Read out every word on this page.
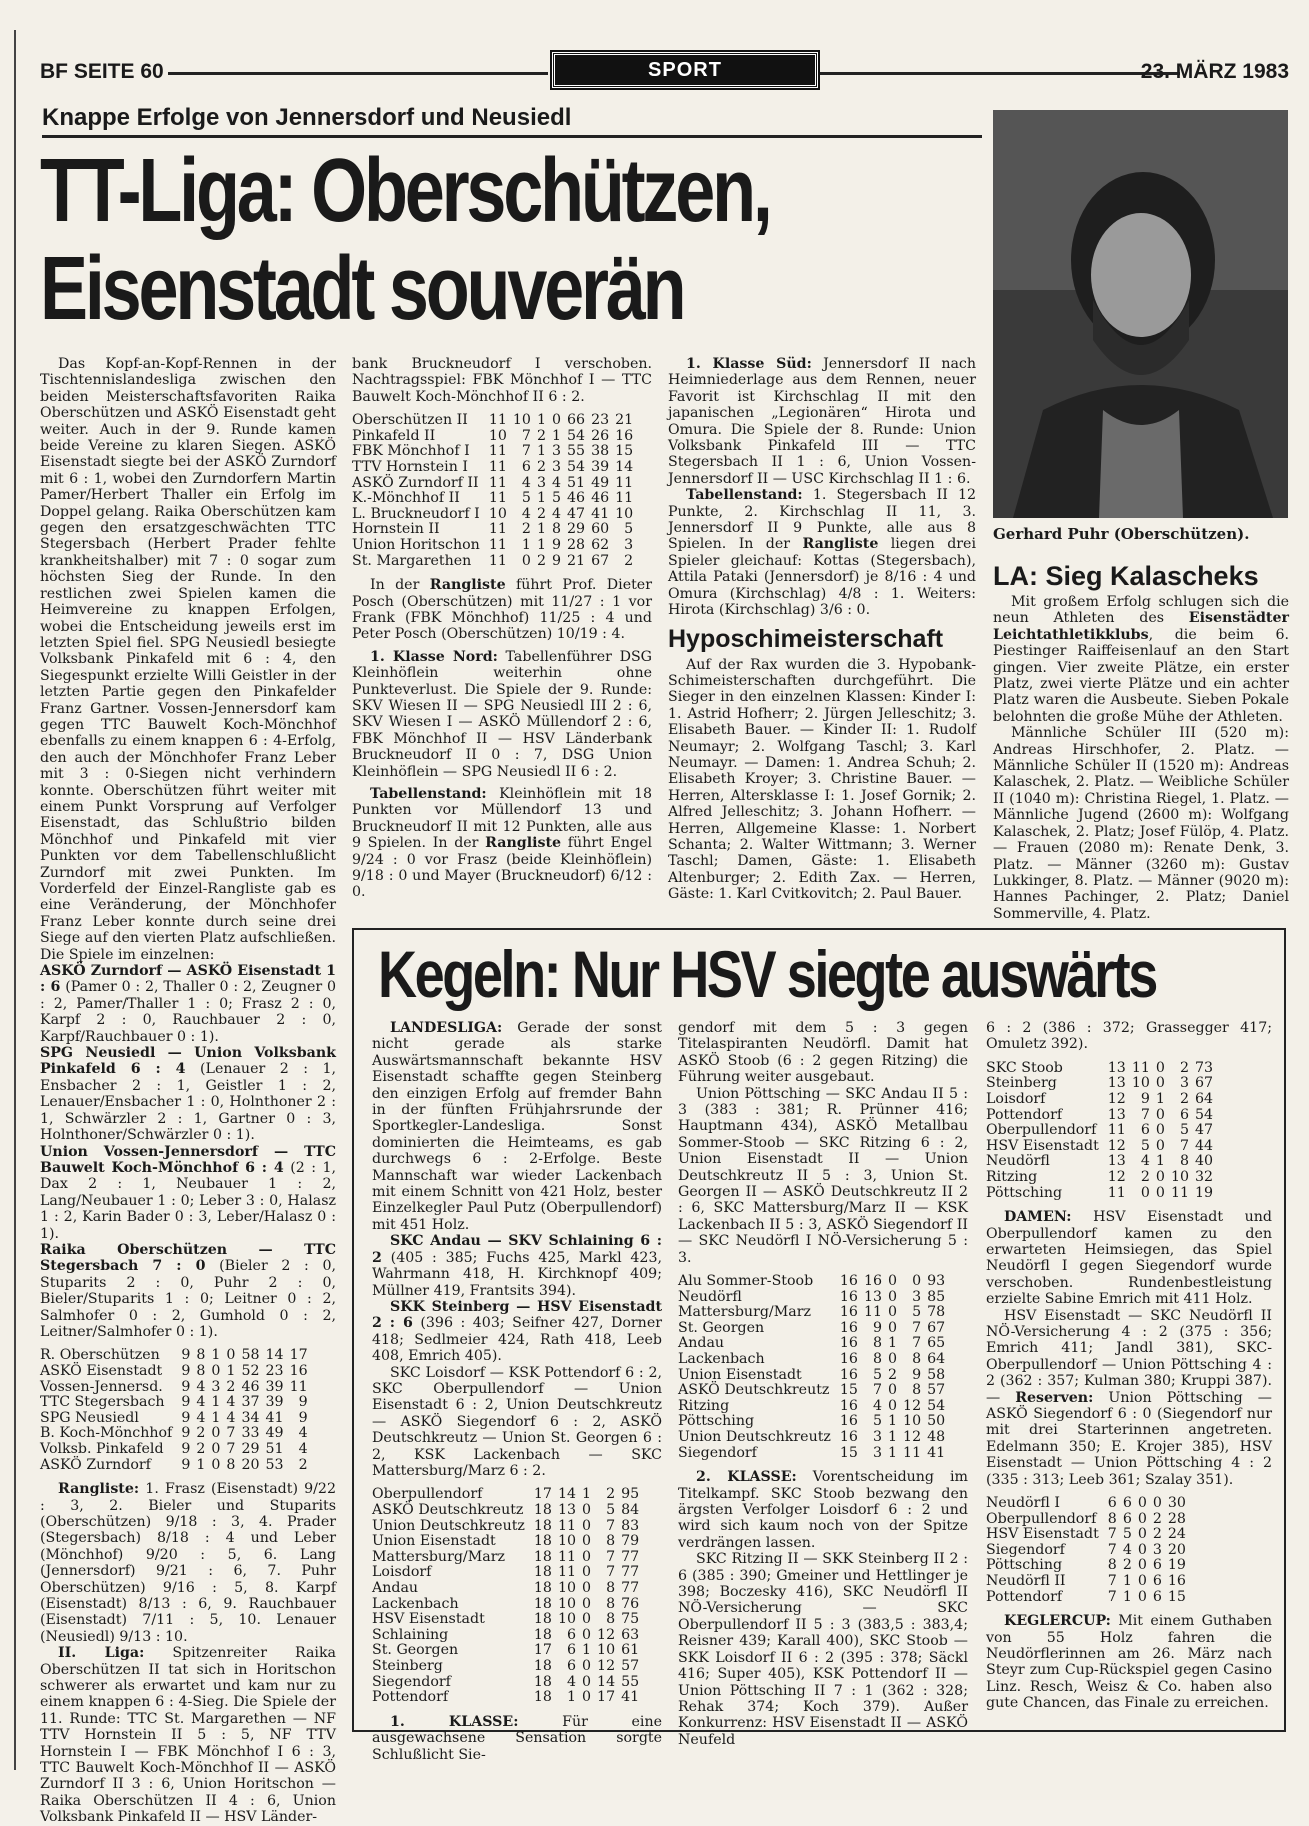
BF SEITE 60	SPORT	23. MÄRZ 1983
Knappe Erfolge von Jennersdorf und Neusiedl
TT-Liga: Oberschützen,
Eisenstadt souverän

Das Kopf-an-Kopf-Rennen in der Tischtennislandesliga zwischen den beiden Meisterschaftsfavoriten Raika Oberschützen und ASKÖ Eisenstadt geht weiter. Auch in der 9. Runde kamen beide Vereine zu klaren Siegen. ASKÖ Eisenstadt siegte bei der ASKÖ Zurndorf mit 6 : 1, wobei den Zurndorfern Martin Pamer/Herbert Thaller ein Erfolg im Doppel gelang. Raika Oberschützen kam gegen den ersatzgeschwächten TTC Stegersbach (Herbert Prader fehlte krankheitshalber) mit 7 : 0 sogar zum höchsten Sieg der Runde. In den restlichen zwei Spielen kamen die Heimvereine zu knappen Erfolgen, wobei die Entscheidung jeweils erst im letzten Spiel fiel. SPG Neusiedl besiegte Volksbank Pinkafeld mit 6 : 4, den Siegespunkt erzielte Willi Geistler in der letzten Partie gegen den Pinkafelder Franz Gartner. Vossen-Jennersdorf kam gegen TTC Bauwelt Koch-Mönchhof ebenfalls zu einem knappen 6 : 4-Erfolg, den auch der Mönchhofer Franz Leber mit 3 : 0-Siegen nicht verhindern konnte. Oberschützen führt weiter mit einem Punkt Vorsprung auf Verfolger Eisenstadt, das Schlußtrio bilden Mönchhof und Pinkafeld mit vier Punkten vor dem Tabellenschlußlicht Zurndorf mit zwei Punkten. Im Vorderfeld der Einzel-Rangliste gab es eine Veränderung, der Mönchhofer Franz Leber konnte durch seine drei Siege auf den vierten Platz aufschließen. Die Spiele im einzelnen:

ASKÖ Zurndorf — ASKÖ Eisenstadt 1 : 6 (Pamer 0 : 2, Thaller 0 : 2, Zeugner 0 : 2, Pamer/Thaller 1 : 0; Frasz 2 : 0, Karpf 2 : 0, Rauchbauer 2 : 0, Karpf/Rauchbauer 0 : 1).

SPG Neusiedl — Union Volksbank Pinkafeld 6 : 4 (Lenauer 2 : 1, Ensbacher 2 : 1, Geistler 1 : 2, Lenauer/Ensbacher 1 : 0, Holnthoner 2 : 1, Schwärzler 2 : 1, Gartner 0 : 3, Holnthoner/Schwärzler 0 : 1).

Union Vossen-Jennersdorf — TTC Bauwelt Koch-Mönchhof 6 : 4 (2 : 1, Dax 2 : 1, Neubauer 1 : 2, Lang/Neubauer 1 : 0; Leber 3 : 0, Halasz 1 : 2, Karin Bader 0 : 3, Leber/Halasz 0 : 1).

Raika Oberschützen — TTC Stegersbach 7 : 0 (Bieler 2 : 0, Stuparits 2 : 0, Puhr 2 : 0, Bieler/Stuparits 1 : 0; Leitner 0 : 2, Salmhofer 0 : 2, Gumhold 0 : 2, Leitner/Salmhofer 0 : 1).

R. Oberschützen	9	8	1	0	58	14	17
ASKÖ Eisenstadt	9	8	0	1	52	23	16
Vossen-Jennersd.	9	4	3	2	46	39	11
TTC Stegersbach	9	4	1	4	37	39	9
SPG Neusiedl	9	4	1	4	34	41	9
B. Koch-Mönchhof	9	2	0	7	33	49	4
Volksb. Pinkafeld	9	2	0	7	29	51	4
ASKÖ Zurndorf	9	1	0	8	20	53	2

Rangliste: 1. Frasz (Eisenstadt) 9/22 : 3, 2. Bieler und Stuparits (Oberschützen) 9/18 : 3, 4. Prader (Stegersbach) 8/18 : 4 und Leber (Mönchhof) 9/20 : 5, 6. Lang (Jennersdorf) 9/21 : 6, 7. Puhr Oberschützen) 9/16 : 5, 8. Karpf (Eisenstadt) 8/13 : 6, 9. Rauchbauer (Eisenstadt) 7/11 : 5, 10. Lenauer (Neusiedl) 9/13 : 10.

II. Liga: Spitzenreiter Raika Oberschützen II tat sich in Horitschon schwerer als erwartet und kam nur zu einem knappen 6 : 4-Sieg. Die Spiele der 11. Runde: TTC St. Margarethen — NF TTV Hornstein II 5 : 5, NF TTV Hornstein I — FBK Mönchhof I 6 : 3, TTC Bauwelt Koch-Mönchhof II — ASKÖ Zurndorf II 3 : 6, Union Horitschon — Raika Oberschützen II 4 : 6, Union Volksbank Pinkafeld II — HSV Länder-

bank Bruckneudorf I verschoben. Nachtragsspiel: FBK Mönchhof I — TTC Bauwelt Koch-Mönchhof II 6 : 2.

Oberschützen II	11	10	1	0	66	23	21
Pinkafeld II	10	7	2	1	54	26	16
FBK Mönchhof I	11	7	1	3	55	38	15
TTV Hornstein I	11	6	2	3	54	39	14
ASKÖ Zurndorf II	11	4	3	4	51	49	11
K.-Mönchhof II	11	5	1	5	46	46	11
L. Bruckneudorf I	10	4	2	4	47	41	10
Hornstein II	11	2	1	8	29	60	5
Union Horitschon	11	1	1	9	28	62	3
St. Margarethen	11	0	2	9	21	67	2

In der Rangliste führt Prof. Dieter Posch (Oberschützen) mit 11/27 : 1 vor Frank (FBK Mönchhof) 11/25 : 4 und Peter Posch (Oberschützen) 10/19 : 4.

1. Klasse Nord: Tabellenführer DSG Kleinhöflein weiterhin ohne Punkteverlust. Die Spiele der 9. Runde: SKV Wiesen II — SPG Neusiedl III 2 : 6, SKV Wiesen I — ASKÖ Müllendorf 2 : 6, FBK Mönchhof II — HSV Länderbank Bruckneudorf II 0 : 7, DSG Union Kleinhöflein — SPG Neusiedl II 6 : 2.

Tabellenstand: Kleinhöflein mit 18 Punkten vor Müllendorf 13 und Bruckneudorf II mit 12 Punkten, alle aus 9 Spielen. In der Rangliste führt Engel 9/24 : 0 vor Frasz (beide Kleinhöflein) 9/18 : 0 und Mayer (Bruckneudorf) 6/12 : 0.

1. Klasse Süd: Jennersdorf II nach Heimniederlage aus dem Rennen, neuer Favorit ist Kirchschlag II mit den japanischen „Legionären“ Hirota und Omura. Die Spiele der 8. Runde: Union Volksbank Pinkafeld III — TTC Stegersbach II 1 : 6, Union Vossen-Jennersdorf II — USC Kirchschlag II 1 : 6.

Tabellenstand: 1. Stegersbach II 12 Punkte, 2. Kirchschlag II 11, 3. Jennersdorf II 9 Punkte, alle aus 8 Spielen. In der Rangliste liegen drei Spieler gleichauf: Kottas (Stegersbach), Attila Pataki (Jennersdorf) je 8/16 : 4 und Omura (Kirchschlag) 4/8 : 1. Weiters: Hirota (Kirchschlag) 3/6 : 0.

Hyposchimeisterschaft

Auf der Rax wurden die 3. Hypobank-Schimeisterschaften durchgeführt. Die Sieger in den einzelnen Klassen: Kinder I: 1. Astrid Hofherr; 2. Jürgen Jelleschitz; 3. Elisabeth Bauer. — Kinder II: 1. Rudolf Neumayr; 2. Wolfgang Taschl; 3. Karl Neumayr. — Damen: 1. Andrea Schuh; 2. Elisabeth Kroyer; 3. Christine Bauer. — Herren, Altersklasse I: 1. Josef Gornik; 2. Alfred Jelleschitz; 3. Johann Hofherr. — Herren, Allgemeine Klasse: 1. Norbert Schanta; 2. Walter Wittmann; 3. Werner Taschl; Damen, Gäste: 1. Elisabeth Altenburger; 2. Edith Zax. — Herren, Gäste: 1. Karl Cvitkovitch; 2. Paul Bauer.

Gerhard Puhr (Oberschützen).
LA: Sieg Kalascheks

Mit großem Erfolg schlugen sich die neun Athleten des Eisenstädter Leichtathletikklubs, die beim 6. Piestinger Raiffeisenlauf an den Start gingen. Vier zweite Plätze, ein erster Platz, zwei vierte Plätze und ein achter Platz waren die Ausbeute. Sieben Pokale belohnten die große Mühe der Athleten.

Männliche Schüler III (520 m): Andreas Hirschhofer, 2. Platz. — Männliche Schüler II (1520 m): Andreas Kalaschek, 2. Platz. — Weibliche Schüler II (1040 m): Christina Riegel, 1. Platz. — Männliche Jugend (2600 m): Wolfgang Kalaschek, 2. Platz; Josef Fülöp, 4. Platz. — Frauen (2080 m): Renate Denk, 3. Platz. — Männer (3260 m): Gustav Lukkinger, 8. Platz. — Männer (9020 m): Hannes Pachinger, 2. Platz; Daniel Sommerville, 4. Platz.

Kegeln: Nur HSV siegte auswärts

LANDESLIGA: Gerade der sonst nicht gerade als starke Auswärtsmannschaft bekannte HSV Eisenstadt schaffte gegen Steinberg den einzigen Erfolg auf fremder Bahn in der fünften Frühjahrsrunde der Sportkegler-Landesliga. Sonst dominierten die Heimteams, es gab durchwegs 6 : 2-Erfolge. Beste Mannschaft war wieder Lackenbach mit einem Schnitt von 421 Holz, bester Einzelkegler Paul Putz (Oberpullendorf) mit 451 Holz.

SKC Andau — SKV Schlaining 6 : 2 (405 : 385; Fuchs 425, Markl 423, Wahrmann 418, H. Kirchknopf 409; Müllner 419, Frantsits 394).

SKK Steinberg — HSV Eisenstadt 2 : 6 (396 : 403; Seifner 427, Dorner 418; Sedlmeier 424, Rath 418, Leeb 408, Emrich 405).

SKC Loisdorf — KSK Pottendorf 6 : 2, SKC Oberpullendorf — Union Eisenstadt 6 : 2, Union Deutschkreutz — ASKÖ Siegendorf 6 : 2, ASKÖ Deutschkreutz — Union St. Georgen 6 : 2, KSK Lackenbach — SKC Mattersburg/Marz 6 : 2.

Oberpullendorf	17	14	1	2	95
ASKÖ Deutschkreutz	18	13	0	5	84
Union Deutschkreutz	18	11	0	7	83
Union Eisenstadt	18	10	0	8	79
Mattersburg/Marz	18	11	0	7	77
Loisdorf	18	11	0	7	77
Andau	18	10	0	8	77
Lackenbach	18	10	0	8	76
HSV Eisenstadt	18	10	0	8	75
Schlaining	18	6	0	12	63
St. Georgen	17	6	1	10	61
Steinberg	18	6	0	12	57
Siegendorf	18	4	0	14	55
Pottendorf	18	1	0	17	41

1. KLASSE: Für eine ausgewachsene Sensation sorgte Schlußlicht Sie-

gendorf mit dem 5 : 3 gegen Titelaspiranten Neudörfl. Damit hat ASKÖ Stoob (6 : 2 gegen Ritzing) die Führung weiter ausgebaut.

Union Pöttsching — SKC Andau II 5 : 3 (383 : 381; R. Prünner 416; Hauptmann 434), ASKÖ Metallbau Sommer-Stoob — SKC Ritzing 6 : 2, Union Eisenstadt II — Union Deutschkreutz II 5 : 3, Union St. Georgen II — ASKÖ Deutschkreutz II 2 : 6, SKC Mattersburg/Marz II — KSK Lackenbach II 5 : 3, ASKÖ Siegendorf II — SKC Neudörfl I NÖ-Versicherung 5 : 3.

Alu Sommer-Stoob	16	16	0	0	93
Neudörfl	16	13	0	3	85
Mattersburg/Marz	16	11	0	5	78
St. Georgen	16	9	0	7	67
Andau	16	8	1	7	65
Lackenbach	16	8	0	8	64
Union Eisenstadt	16	5	2	9	58
ASKÖ Deutschkreutz	15	7	0	8	57
Ritzing	16	4	0	12	54
Pöttsching	16	5	1	10	50
Union Deutschkreutz	16	3	1	12	48
Siegendorf	15	3	1	11	41

2. KLASSE: Vorentscheidung im Titelkampf. SKC Stoob bezwang den ärgsten Verfolger Loisdorf 6 : 2 und wird sich kaum noch von der Spitze verdrängen lassen.

SKC Ritzing II — SKK Steinberg II 2 : 6 (385 : 390; Gmeiner und Hettlinger je 398; Boczesky 416), SKC Neudörfl II NÖ-Versicherung — SKC Oberpullendorf II 5 : 3 (383,5 : 383,4; Reisner 439; Karall 400), SKC Stoob — SKK Loisdorf II 6 : 2 (395 : 378; Säckl 416; Super 405), KSK Pottendorf II — Union Pöttsching II 7 : 1 (362 : 328; Rehak 374; Koch 379). Außer Konkurrenz: HSV Eisenstadt II — ASKÖ Neufeld

6 : 2 (386 : 372; Grassegger 417; Omuletz 392).

SKC Stoob	13	11	0	2	73
Steinberg	13	10	0	3	67
Loisdorf	12	9	1	2	64
Pottendorf	13	7	0	6	54
Oberpullendorf	11	6	0	5	47
HSV Eisenstadt	12	5	0	7	44
Neudörfl	13	4	1	8	40
Ritzing	12	2	0	10	32
Pöttsching	11	0	0	11	19

DAMEN: HSV Eisenstadt und Oberpullendorf kamen zu den erwarteten Heimsiegen, das Spiel Neudörfl I gegen Siegendorf wurde verschoben. Rundenbestleistung erzielte Sabine Emrich mit 411 Holz.

HSV Eisenstadt — SKC Neudörfl II NÖ-Versicherung 4 : 2 (375 : 356; Emrich 411; Jandl 381), SKC-Oberpullendorf — Union Pöttsching 4 : 2 (362 : 357; Kulman 380; Kruppi 387). — Reserven: Union Pöttsching — ASKÖ Siegendorf 6 : 0 (Siegendorf nur mit drei Starterinnen angetreten. Edelmann 350; E. Krojer 385), HSV Eisenstadt — Union Pöttsching 4 : 2 (335 : 313; Leeb 361; Szalay 351).

Neudörfl I	6	6	0	0	30
Oberpullendorf	8	6	0	2	28
HSV Eisenstadt	7	5	0	2	24
Siegendorf	7	4	0	3	20
Pöttsching	8	2	0	6	19
Neudörfl II	7	1	0	6	16
Pottendorf	7	1	0	6	15

KEGLERCUP: Mit einem Guthaben von 55 Holz fahren die Neudörflerinnen am 26. März nach Steyr zum Cup-Rückspiel gegen Casino Linz. Resch, Weisz & Co. haben also gute Chancen, das Finale zu erreichen.
